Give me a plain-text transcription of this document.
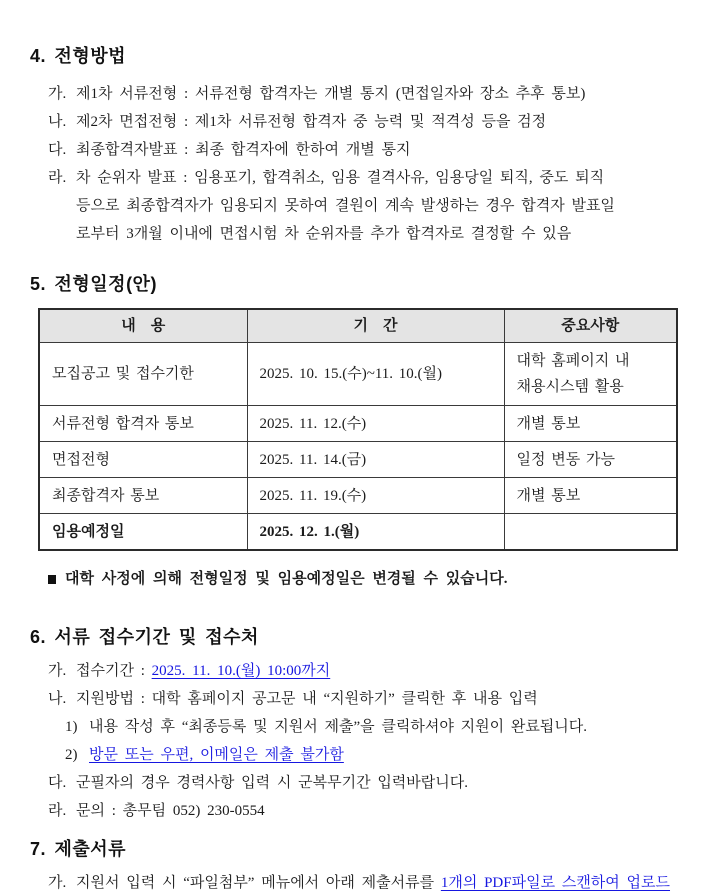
4. 전형방법
가. 제1차 서류전형 : 서류전형 합격자는 개별 통지 (면접일자와 장소 추후 통보)
나. 제2차 면접전형 : 제1차 서류전형 합격자 중 능력 및 적격성 등을 검정
다. 최종합격자발표 : 최종 합격자에 한하여 개별 통지
라. 차 순위자 발표 : 임용포기, 합격취소, 임용 결격사유, 임용당일 퇴직, 중도 퇴직
등으로 최종합격자가 임용되지 못하여 결원이 계속 발생하는 경우 합격자 발표일
로부터 3개월 이내에 면접시험 차 순위자를 추가 합격자로 결정할 수 있음
5. 전형일정(안)
내　용	기　간	중요사항
모집공고 및 접수기한	2025. 10. 15.(수)~11. 10.(월)	대학 홈페이지 내 채용시스템 활용
서류전형 합격자 통보	2025. 11. 12.(수)	개별 통보
면접전형	2025. 11. 14.(금)	일정 변동 가능
최종합격자 통보	2025. 11. 19.(수)	개별 통보
임용예정일	2025. 12. 1.(월)	
대학 사정에 의해 전형일정 및 임용예정일은 변경될 수 있습니다.
6. 서류 접수기간 및 접수처
가. 접수기간 : 2025. 11. 10.(월) 10:00까지
나. 지원방법 : 대학 홈페이지 공고문 내 “지원하기” 클릭한 후 내용 입력
1) 내용 작성 후 “최종등록 및 지원서 제출”을 클릭하셔야 지원이 완료됩니다.
2) 방문 또는 우편, 이메일은 제출 불가함
다. 군필자의 경우 경력사항 입력 시 군복무기간 입력바랍니다.
라. 문의 : 총무팀 052) 230-0554
7. 제출서류
가. 지원서 입력 시 “파일첨부” 메뉴에서 아래 제출서류를 1개의 PDF파일로 스캔하여 업로드
